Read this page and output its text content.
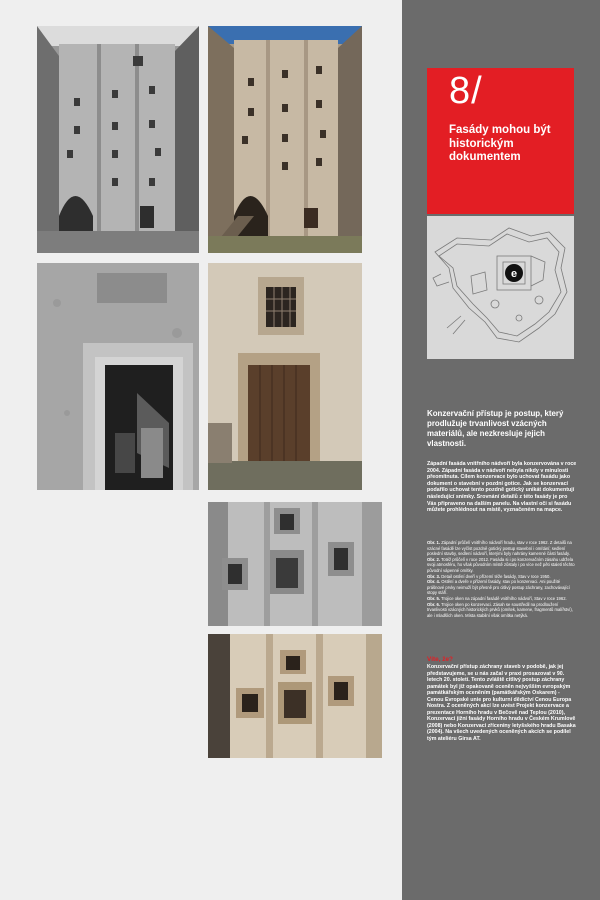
8/
Fasády mohou být historickým dokumentem
e
Konzervační přístup je postup, který prodlužuje trvanlivost vzácných materiálů, ale nezkresluje jejich vlastnosti.
Západní fasáda vnitřního nádvoří byla konzervována v roce 2004. Západní fasáda v nádvoří nebyla nikdy v minulosti přeomítnuta. Cílem konzervace bylo uchovat fasádu jako dokument o stavební v pozdní gotice. Jak se konzervací podařilo uchovat tento pozdně gotický unikát dokumentují následující snímky. Srovnání detailů z této fasády je pro Vás připraveno na dalším panelu. Na vlastní oči si fasádu můžete prohlédnout na místě, vyznačeném na mapce.

Obr. 1. Západní průčelí vnitřního nádvoří hradu, stav v roce 1962. Z detailů na vzácné fasádě lze vyčíst pozdně gotický postup stavební i omítání; sedlení poslední stavby, sedlení nádvoří, kterými byly nahrány kamenné části fasády.

Obr. 2. Totéž průčelí v roce 2012. Fasáda si i po konzervačním zásahu udržela svoji atmosféru, ho však původním místě zůstaly i po více než pěti staletí těchto původní vápenné omítky.

Obr. 3. Detail ostění dveří v přízemí téže fasády, Stav v roce 1950.

Obr. 4. Ostění a dveře v přízemí fasády, stav po konzervaci. Ani použité prášnové prvky neimuží být přesně pro citlivý postup záchrany, zachovávající stopy stáří.

Obr. 5. Trojice oken na západní fasádě vnitřního nádvoří, Stav v roce 1962.

Obr. 6. Trojice oken po konzervaci. Zásah se soustředil na prodloužení trvanlivosti vzácných historických prvků (omítek, kamene, fragmentů malířství), ale i mladších oken. Místa stabilní však omítka netýká.

Víte, že?
Konzervační přístup záchrany staveb v podobě, jak jej představujeme, se u nás začal v praxi prosazovat v 90. letech 20. století. Tento zvláště citlivý postup záchrany památek byl již opakovaně oceněn nejvyšším evropským památkářským oceněním (památkářským Oskarem) - Cenou Evropské unie pro kulturní dědictví Cenou Europa Nostra. Z oceněných akcí lze uvést Projekt konzervace a prezentace Horního hradu v Bečově nad Teplou (2010), Konzervaci jižní fasády Horního hradu v Českém Krumlově (2008) nebo Konzervaci zříceniny letyšského hradu Basaka (2004). Na všech uvedených oceněných akcích se podílel tým ateliéru Girsa AT.
